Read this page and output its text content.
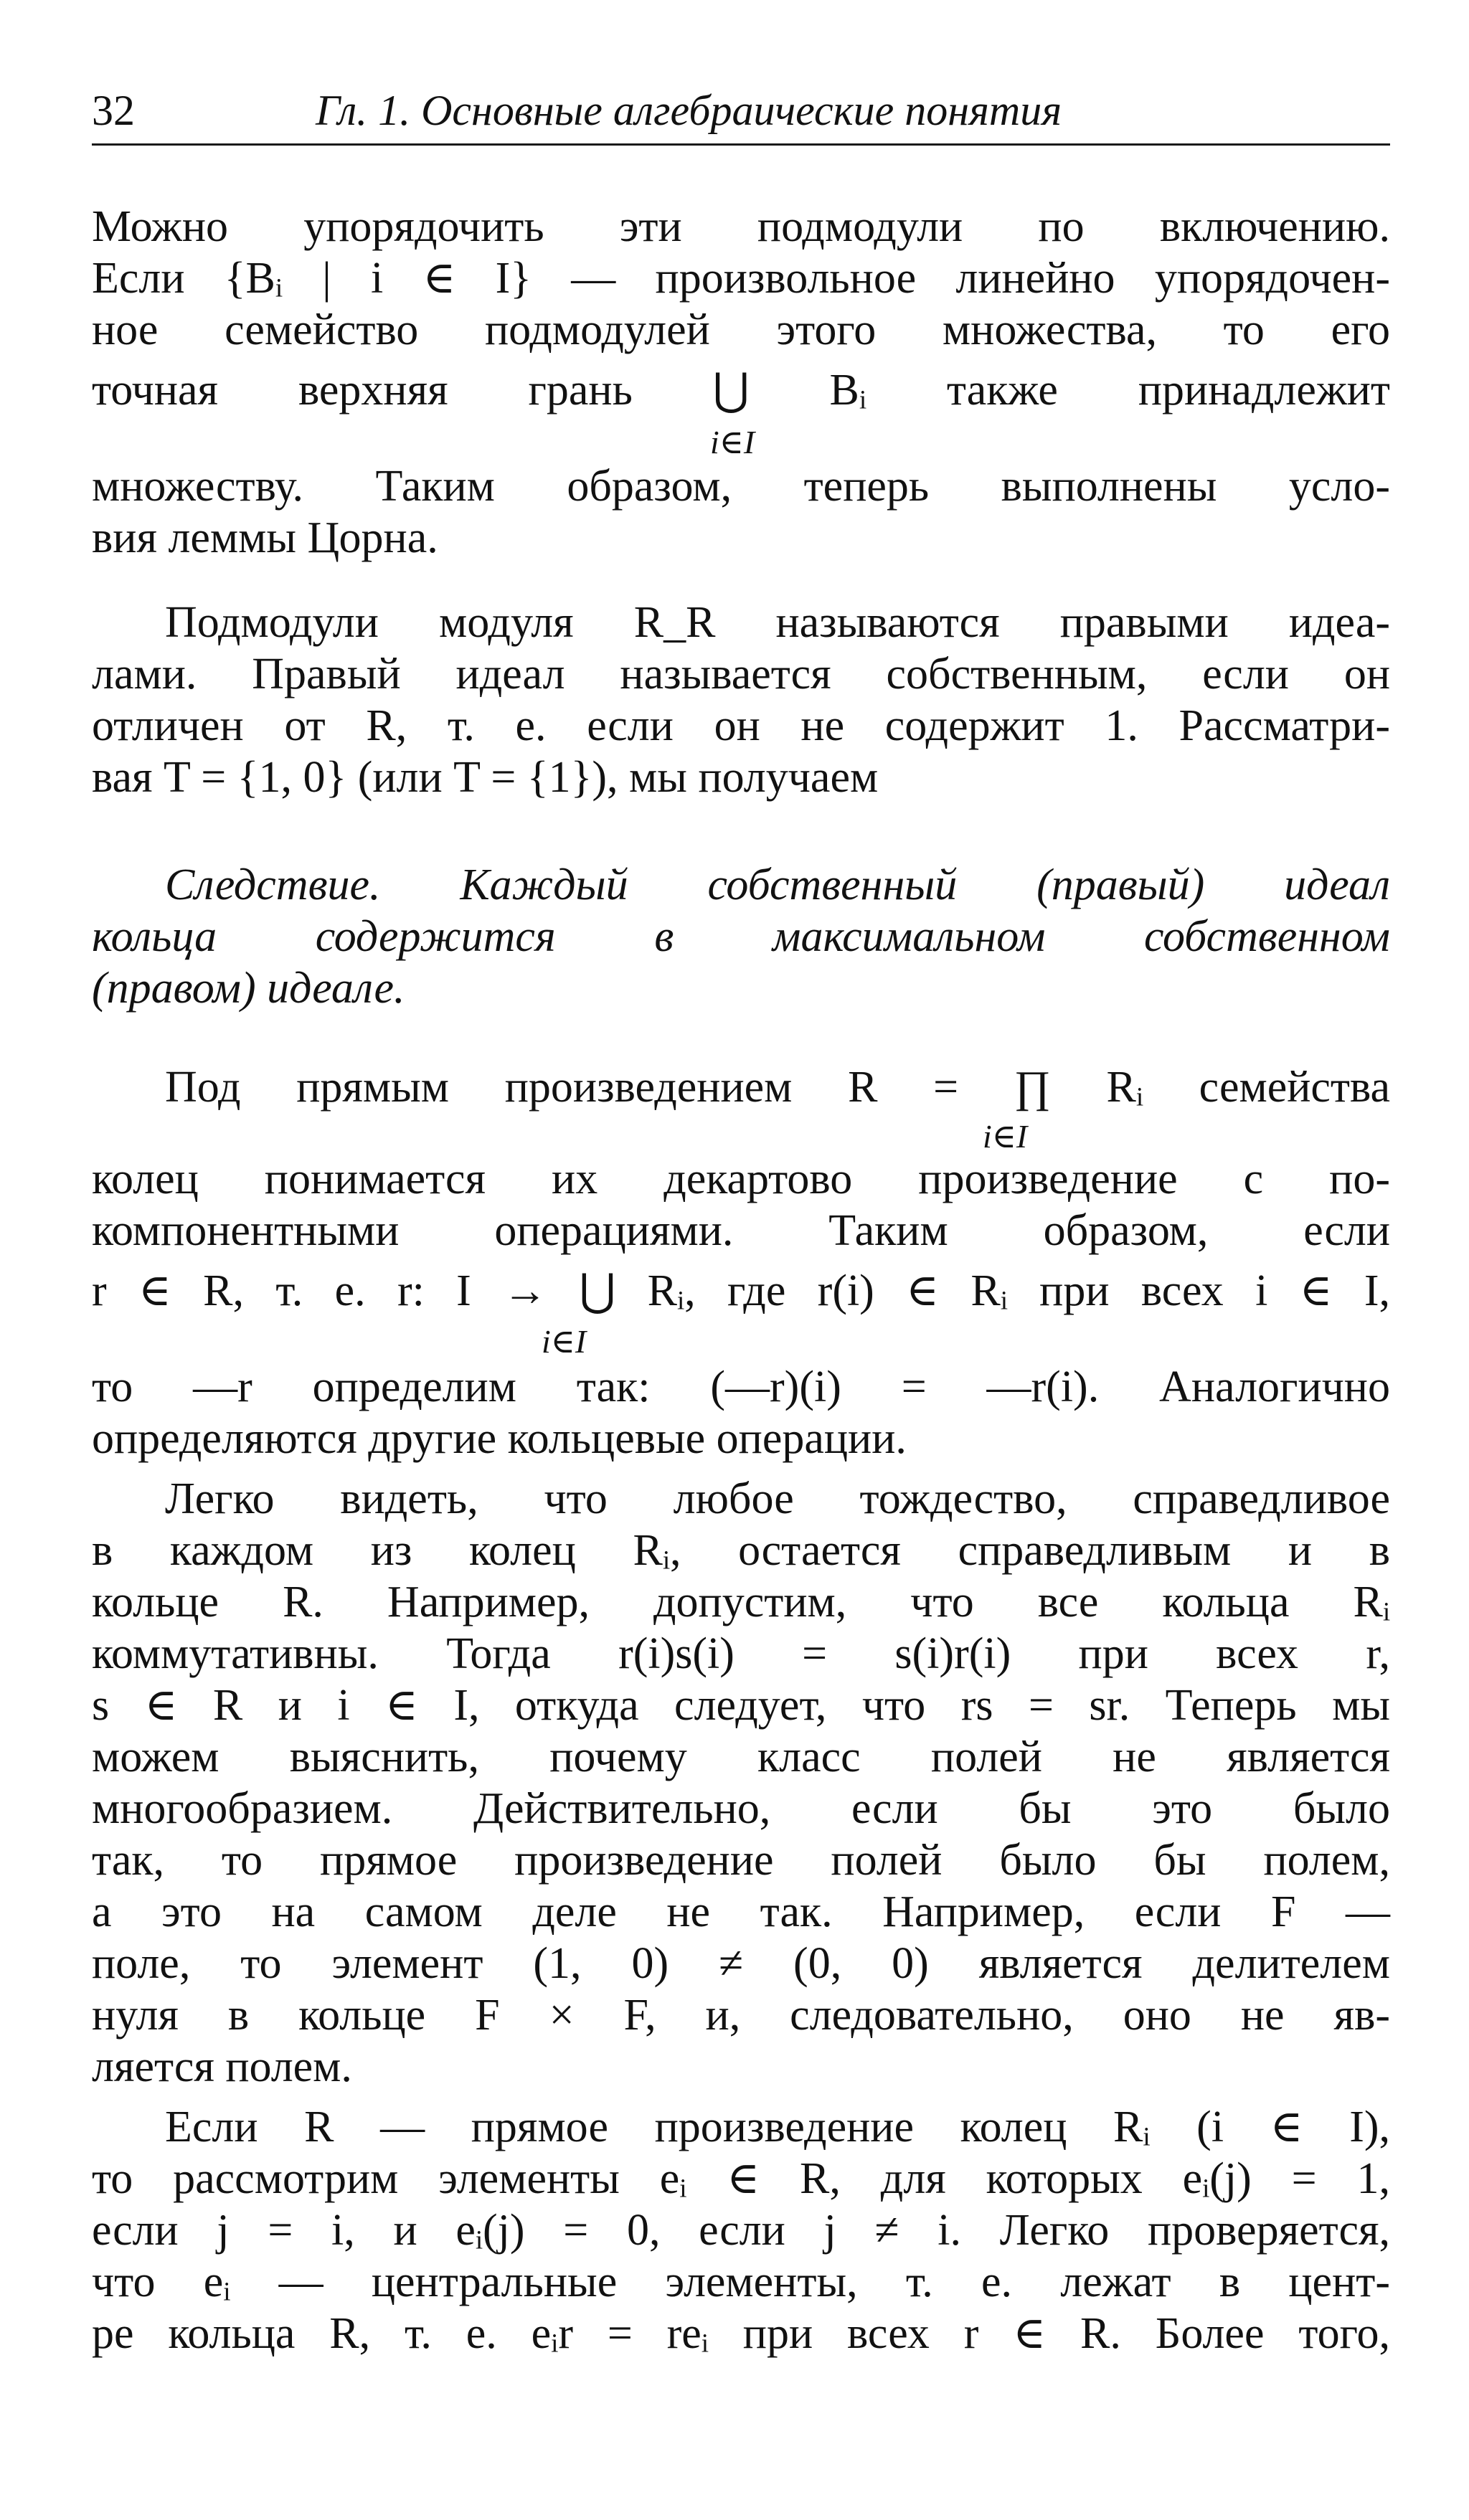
32	Гл. 1. Основные алгебраические понятия
Можно упорядочить эти подмодули по включению.
Если {Bᵢ | i ∈ I} — произвольное линейно упорядочен-
ное семейство подмодулей этого множества, то его
точная верхняя грань ⋃ Bᵢ также принадлежит
i∈I
множеству. Таким образом, теперь выполнены усло-
вия леммы Цорна.
Подмодули модуля R_R называются правыми идеа-
лами. Правый идеал называется собственным, если он
отличен от R, т. е. если он не содержит 1. Рассматри-
вая T = {1, 0} (или T = {1}), мы получаем
Следствие. Каждый собственный (правый) идеал
кольца содержится в максимальном собственном
(правом) идеале.
Под прямым произведением R = ∏ Rᵢ семейства
i∈I
колец понимается их декартово произведение с по-
компонентными операциями. Таким образом, если
r ∈ R, т. е. r: I → ⋃ Rᵢ, где r(i) ∈ Rᵢ при всех i ∈ I,
i∈I
то —r определим так: (—r)(i) = —r(i). Аналогично
определяются другие кольцевые операции.
Легко видеть, что любое тождество, справедливое
в каждом из колец Rᵢ, остается справедливым и в
кольце R. Например, допустим, что все кольца Rᵢ
коммутативны. Тогда r(i)s(i) = s(i)r(i) при всех r,
s ∈ R и i ∈ I, откуда следует, что rs = sr. Теперь мы
можем выяснить, почему класс полей не является
многообразием. Действительно, если бы это было
так, то прямое произведение полей было бы полем,
а это на самом деле не так. Например, если F —
поле, то элемент (1, 0) ≠ (0, 0) является делителем
нуля в кольце F × F, и, следовательно, оно не яв-
ляется полем.
Если R — прямое произведение колец Rᵢ (i ∈ I),
то рассмотрим элементы eᵢ ∈ R, для которых eᵢ(j) = 1,
если j = i, и eᵢ(j) = 0, если j ≠ i. Легко проверяется,
что eᵢ — центральные элементы, т. е. лежат в цент-
ре кольца R, т. е. eᵢr = reᵢ при всех r ∈ R. Более того,
